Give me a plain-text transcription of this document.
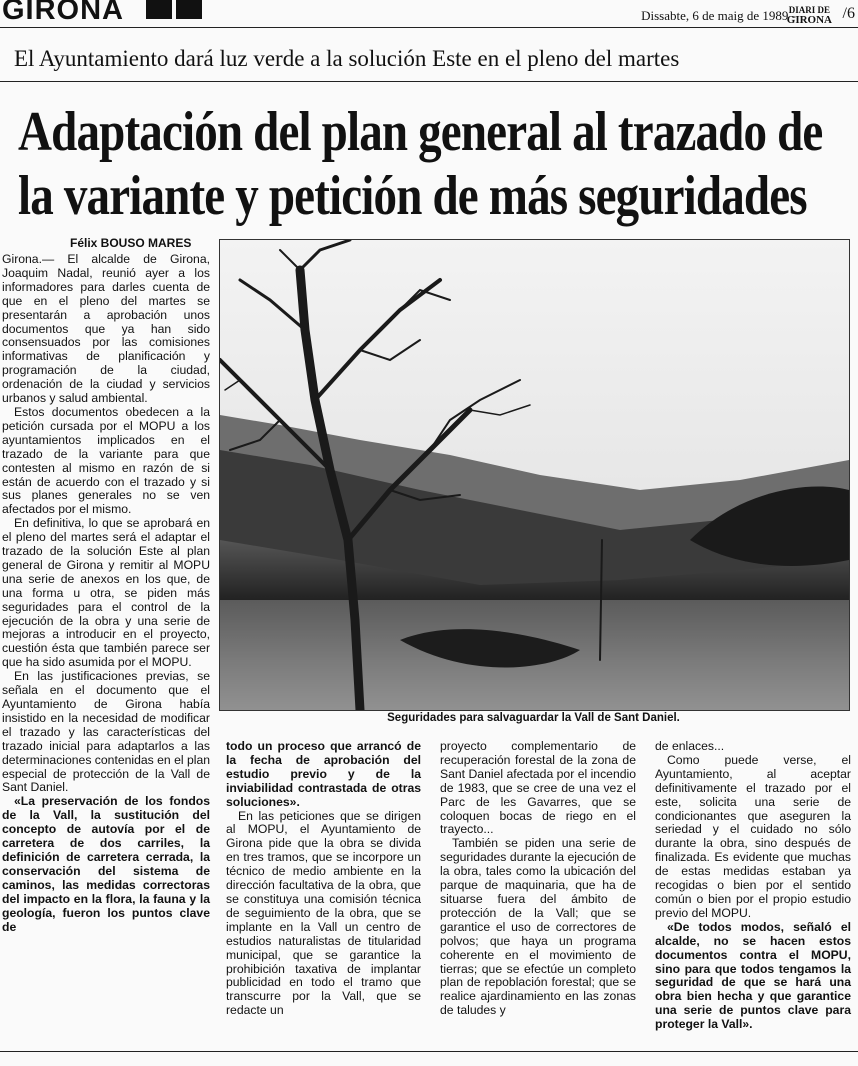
GIRONA	Dissabte, 6 de maig de 1989 -
DIARI DE
GIRONA /6
El Ayuntamiento dará luz verde a la solución Este en el pleno del martes
Adaptación del plan general al trazado de
la variante y petición de más seguridades
Félix BOUSO MARES

Girona.— El alcalde de Girona, Joaquim Nadal, reunió ayer a los informadores para darles cuenta de que en el pleno del martes se presentarán a aprobación unos documentos que ya han sido consensuados por las comisiones informativas de planificación y programación de la ciudad, ordenación de la ciudad y servicios urbanos y salud ambiental.

Estos documentos obedecen a la petición cursada por el MOPU a los ayuntamientos implicados en el trazado de la variante para que contesten al mismo en razón de si están de acuerdo con el trazado y si sus planes generales no se ven afectados por el mismo.

En definitiva, lo que se aprobará en el pleno del martes será el adaptar el trazado de la solución Este al plan general de Girona y remitir al MOPU una serie de anexos en los que, de una forma u otra, se piden más seguridades para el control de la ejecución de la obra y una serie de mejoras a introducir en el proyecto, cuestión ésta que también parece ser que ha sido asumida por el MOPU.

En las justificaciones previas, se señala en el documento que el Ayuntamiento de Girona había insistido en la necesidad de modificar el trazado y las características del trazado inicial para adaptarlos a las determinaciones contenidas en el plan especial de protección de la Vall de Sant Daniel.

«La preservación de los fondos de la Vall, la sustitución del concepto de autovía por el de carretera de dos carriles, la definición de carretera cerrada, la conservación del sistema de caminos, las medidas correctoras del impacto en la flora, la fauna y la geología, fueron los puntos clave de

Seguridades para salvaguardar la Vall de Sant Daniel.

todo un proceso que arrancó de la fecha de aprobación del estudio previo y de la inviabilidad contrastada de otras soluciones».

En las peticiones que se dirigen al MOPU, el Ayuntamiento de Girona pide que la obra se divida en tres tramos, que se incorpore un técnico de medio ambiente en la dirección facultativa de la obra, que se constituya una comisión técnica de seguimiento de la obra, que se implante en la Vall un centro de estudios naturalistas de titularidad municipal, que se garantice la prohibición taxativa de implantar publicidad en todo el tramo que transcurre por la Vall, que se redacte un

proyecto complementario de recuperación forestal de la zona de Sant Daniel afectada por el incendio de 1983, que se cree de una vez el Parc de les Gavarres, que se coloquen bocas de riego en el trayecto...

También se piden una serie de seguridades durante la ejecución de la obra, tales como la ubicación del parque de maquinaria, que ha de situarse fuera del ámbito de protección de la Vall; que se garantice el uso de correctores de polvos; que haya un programa coherente en el movimiento de tierras; que se efectúe un completo plan de repoblación forestal; que se realice ajardinamiento en las zonas de taludes y

de enlaces...

Como puede verse, el Ayuntamiento, al aceptar definitivamente el trazado por el este, solicita una serie de condicionantes que aseguren la seriedad y el cuidado no sólo durante la obra, sino después de finalizada. Es evidente que muchas de estas medidas estaban ya recogidas o bien por el sentido común o bien por el propio estudio previo del MOPU.

«De todos modos, señaló el alcalde, no se hacen estos documentos contra el MOPU, sino para que todos tengamos la seguridad de que se hará una obra bien hecha y que garantice una serie de puntos clave para proteger la Vall».
